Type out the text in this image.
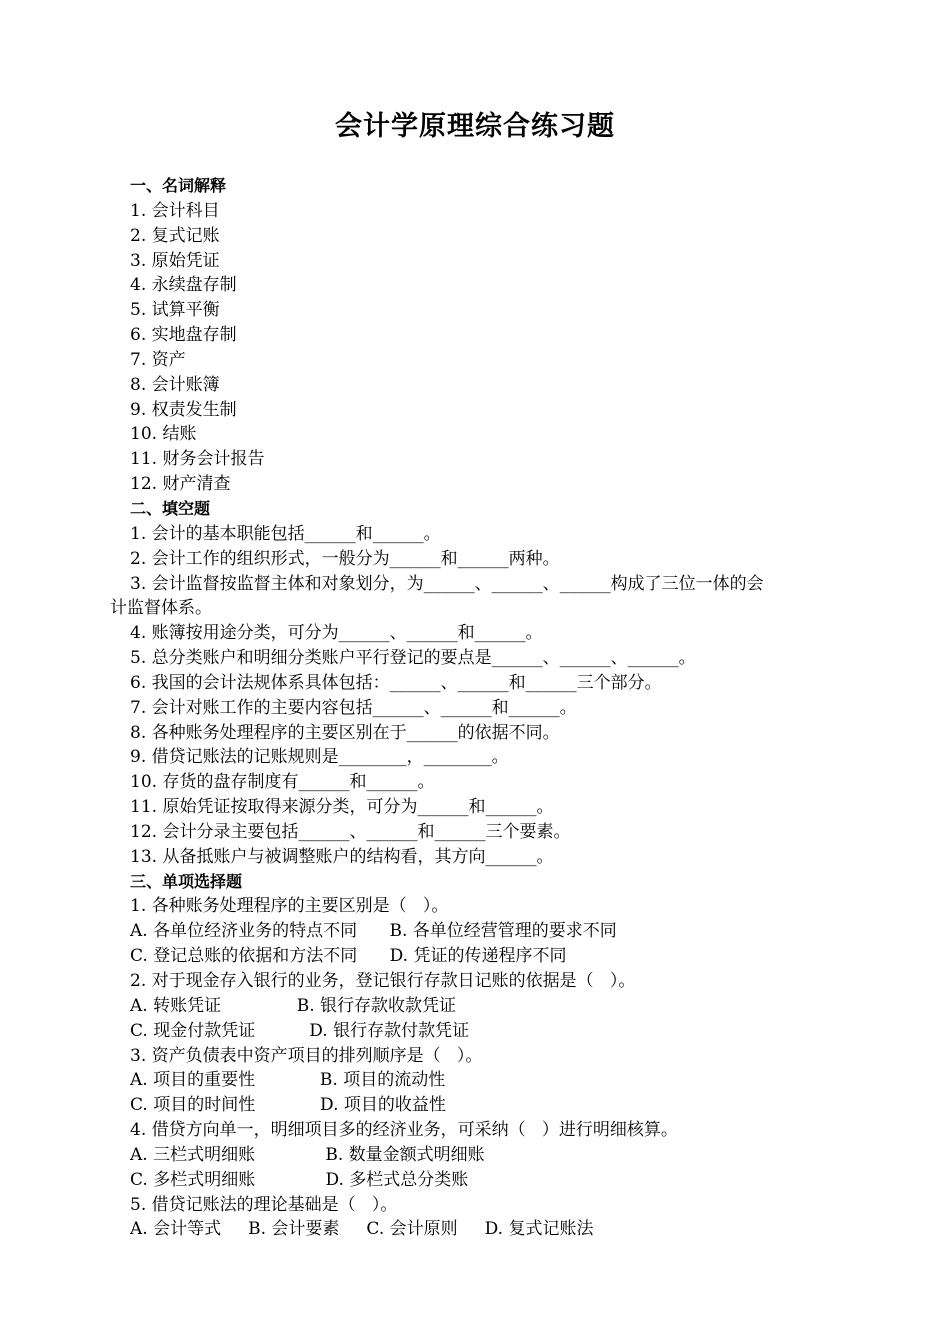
会计学原理综合练习题
一、名词解释
1. 会计科目
2. 复式记账
3. 原始凭证
4. 永续盘存制
5. 试算平衡
6. 实地盘存制
7. 资产
8. 会计账簿
9. 权责发生制
10. 结账
11. 财务会计报告
12. 财产清查
二、填空题
1. 会计的基本职能包括______和______。
2. 会计工作的组织形式，一般分为______和______两种。
3. 会计监督按监督主体和对象划分，为______、______、______构成了三位一体的会
计监督体系。
4. 账簿按用途分类，可分为______、______和______。
5. 总分类账户和明细分类账户平行登记的要点是______、______、______。
6. 我国的会计法规体系具体包括：______、______和______三个部分。
7. 会计对账工作的主要内容包括______、______和______。
8. 各种账务处理程序的主要区别在于______的依据不同。
9. 借贷记账法的记账规则是________，________。
10. 存货的盘存制度有______和______。
11. 原始凭证按取得来源分类，可分为______和______。
12. 会计分录主要包括______、______和______三个要素。
13. 从备抵账户与被调整账户的结构看，其方向______。
三、单项选择题
1. 各种账务处理程序的主要区别是（   ）。
A. 各单位经济业务的特点不同      B. 各单位经营管理的要求不同
C. 登记总账的依据和方法不同      D. 凭证的传递程序不同
2. 对于现金存入银行的业务，登记银行存款日记账的依据是（   ）。
A. 转账凭证              B. 银行存款收款凭证
C. 现金付款凭证          D. 银行存款付款凭证
3. 资产负债表中资产项目的排列顺序是（   ）。
A. 项目的重要性            B. 项目的流动性
C. 项目的时间性            D. 项目的收益性
4. 借贷方向单一，明细项目多的经济业务，可采纳（   ）进行明细核算。
A. 三栏式明细账             B. 数量金额式明细账
C. 多栏式明细账             D. 多栏式总分类账
5. 借贷记账法的理论基础是（   ）。
A. 会计等式     B. 会计要素     C. 会计原则     D. 复式记账法
